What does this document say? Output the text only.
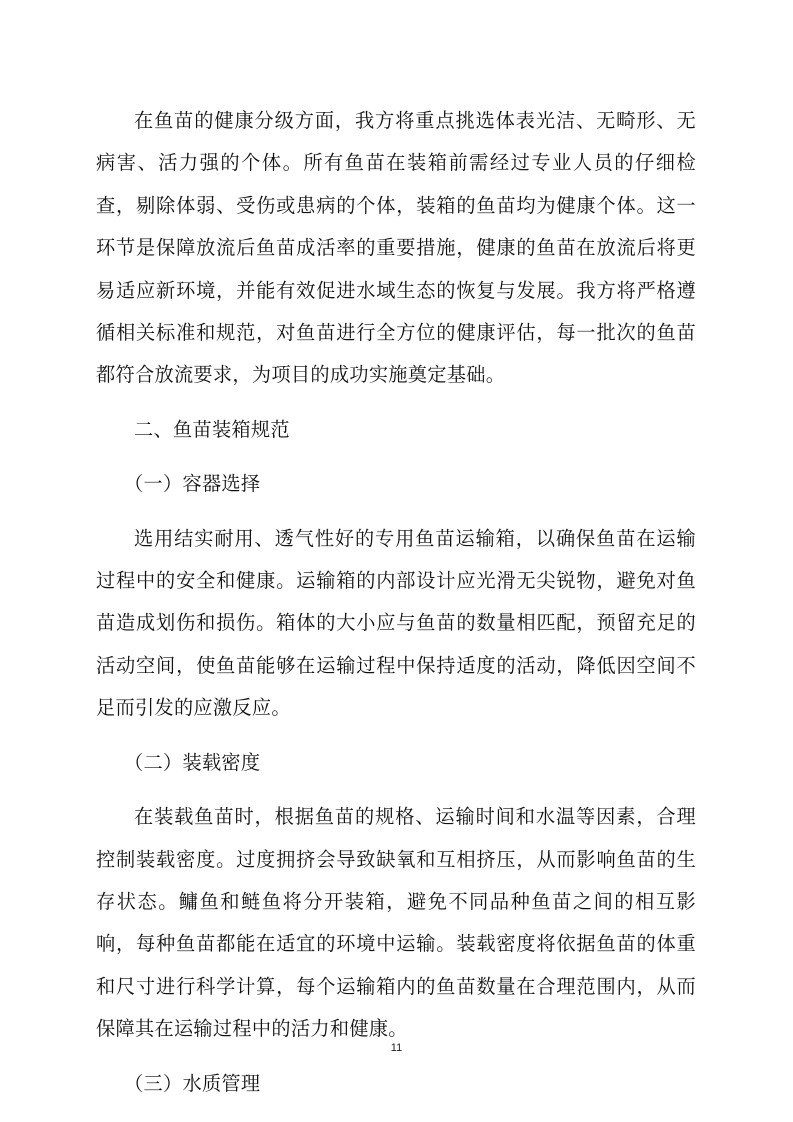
在鱼苗的健康分级方面，我方将重点挑选体表光洁、无畸形、无病害、活力强的个体。所有鱼苗在装箱前需经过专业人员的仔细检查，剔除体弱、受伤或患病的个体，装箱的鱼苗均为健康个体。这一环节是保障放流后鱼苗成活率的重要措施，健康的鱼苗在放流后将更易适应新环境，并能有效促进水域生态的恢复与发展。我方将严格遵循相关标准和规范，对鱼苗进行全方位的健康评估，每一批次的鱼苗都符合放流要求，为项目的成功实施奠定基础。

二、鱼苗装箱规范

（一）容器选择

选用结实耐用、透气性好的专用鱼苗运输箱，以确保鱼苗在运输过程中的安全和健康。运输箱的内部设计应光滑无尖锐物，避免对鱼苗造成划伤和损伤。箱体的大小应与鱼苗的数量相匹配，预留充足的活动空间，使鱼苗能够在运输过程中保持适度的活动，降低因空间不足而引发的应激反应。

（二）装载密度

在装载鱼苗时，根据鱼苗的规格、运输时间和水温等因素，合理控制装载密度。过度拥挤会导致缺氧和互相挤压，从而影响鱼苗的生存状态。鳙鱼和鲢鱼将分开装箱，避免不同品种鱼苗之间的相互影响，每种鱼苗都能在适宜的环境中运输。装载密度将依据鱼苗的体重和尺寸进行科学计算，每个运输箱内的鱼苗数量在合理范围内，从而保障其在运输过程中的活力和健康。

（三）水质管理

11
